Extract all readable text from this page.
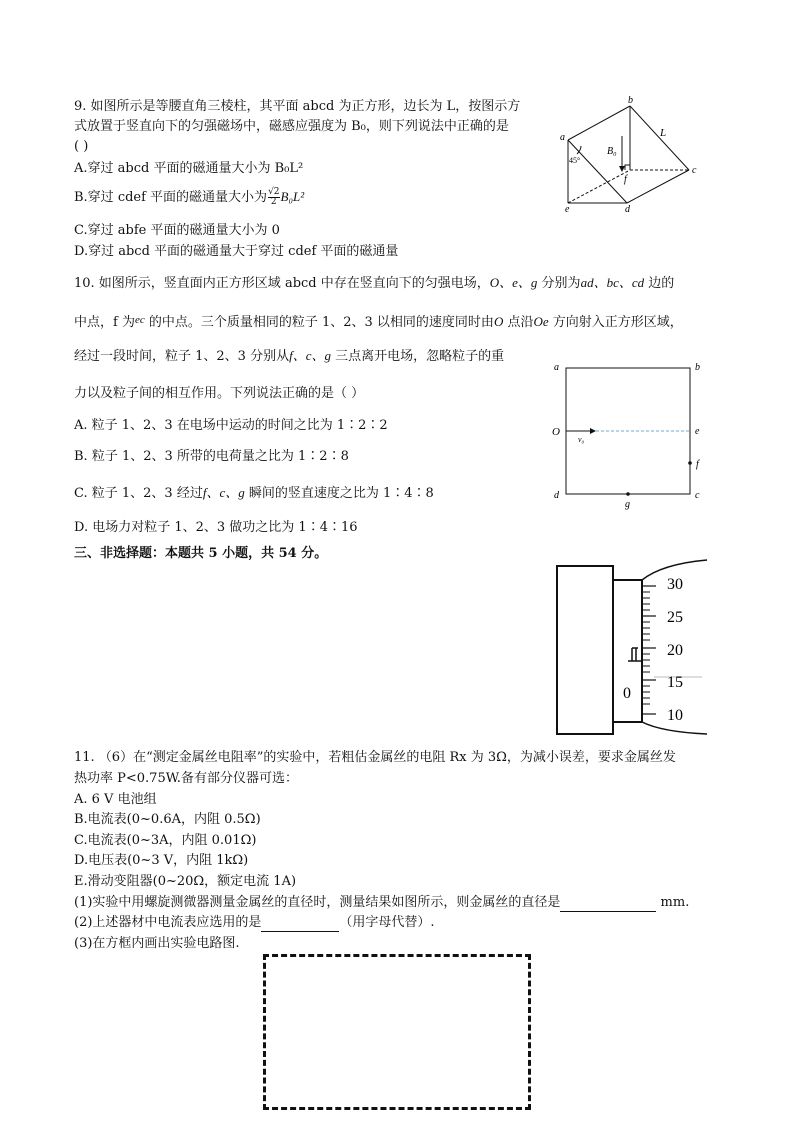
9. 如图所示是等腰直角三棱柱，其平面 abcd 为正方形，边长为 L，按图示方
式放置于竖直向下的匀强磁场中，磁感应强度为 B₀，则下列说法中正确的是
( )
A.穿过 abcd 平面的磁通量大小为 B₀L²
B.穿过 cdef 平面的磁通量大小为 $\frac{√2}{2} B_0L^2$
C.穿过 abfe 平面的磁通量大小为 0
D.穿过 abcd 平面的磁通量大于穿过 cdef 平面的磁通量
a
b
c
d
e
f
L
B₀
45°
10. 如图所示，竖直面内正方形区域 abcd 中存在竖直向下的匀强电场，O、e、g 分别为ad、bc、cd 边的
中点，f 为$^{ec}$ 的中点。三个质量相同的粒子 1、2、3 以相同的速度同时由O 点沿Oe 方向射入正方形区域，
经过一段时间，粒子 1、2、3 分别从f、c、g 三点离开电场，忽略粒子的重
力以及粒子间的相互作用。下列说法正确的是（ ）
A. 粒子 1、2、3 在电场中运动的时间之比为 1∶2∶2
B. 粒子 1、2、3 所带的电荷量之比为 1∶2∶8
C. 粒子 1、2、3 经过f、c、g 瞬间的竖直速度之比为 1∶4∶8
D. 电场力对粒子 1、2、3 做功之比为 1∶4∶16
a	b
c
d
e
f
g
O
v₀
三、非选择题：本题共 5 小题，共 54 分。
30
25
20
15
10
0
11. （6）在“测定金属丝电阻率”的实验中，若粗估金属丝的电阻 Rx 为 3Ω，为减小误差，要求金属丝发
热功率 P<0.75W.备有部分仪器可选：
A. 6 V 电池组
B.电流表(0~0.6A，内阻 0.5Ω)
C.电流表(0~3A，内阻 0.01Ω)
D.电压表(0~3 V，内阻 1kΩ)
E.滑动变阻器(0~20Ω，额定电流 1A)
(1)实验中用螺旋测微器测量金属丝的直径时，测量结果如图所示，则金属丝的直径是	mm.
(2)上述器材中电流表应选用的是	（用字母代替）.
(3)在方框内画出实验电路图.
